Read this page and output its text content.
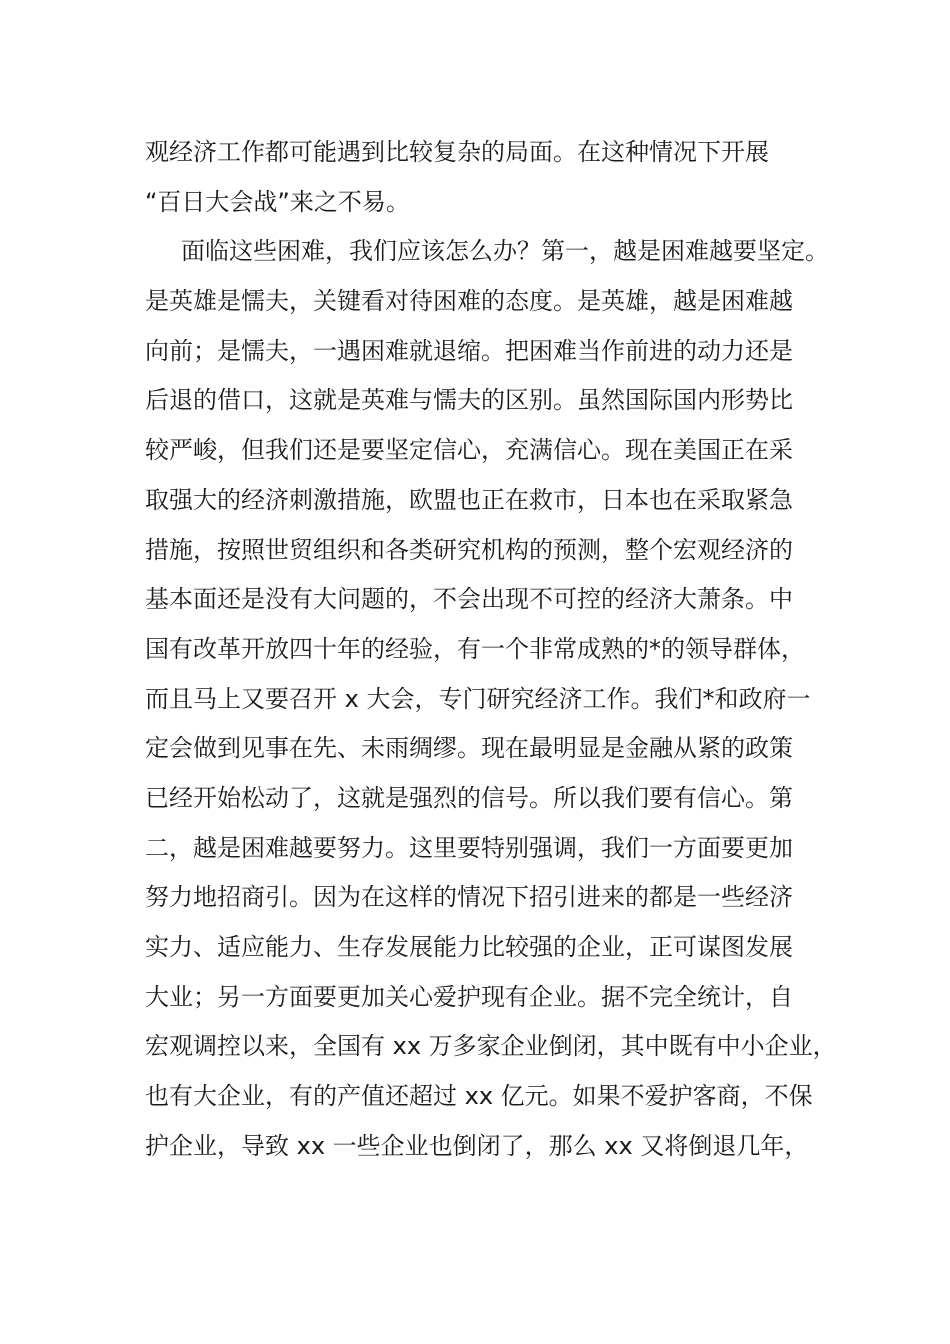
观经济工作都可能遇到比较复杂的局面。在这种情况下开展
“百日大会战”来之不易。
面临这些困难，我们应该怎么办？第一，越是困难越要坚定。
是英雄是懦夫，关键看对待困难的态度。是英雄，越是困难越
向前；是懦夫，一遇困难就退缩。把困难当作前进的动力还是
后退的借口，这就是英难与懦夫的区别。虽然国际国内形势比
较严峻，但我们还是要坚定信心，充满信心。现在美国正在采
取强大的经济刺激措施，欧盟也正在救市，日本也在采取紧急
措施，按照世贸组织和各类研究机构的预测，整个宏观经济的
基本面还是没有大问题的，不会出现不可控的经济大萧条。中
国有改革开放四十年的经验，有一个非常成熟的*的领导群体，
而且马上又要召开 x 大会，专门研究经济工作。我们*和政府一
定会做到见事在先、未雨绸缪。现在最明显是金融从紧的政策
已经开始松动了，这就是强烈的信号。所以我们要有信心。第
二，越是困难越要努力。这里要特别强调，我们一方面要更加
努力地招商引。因为在这样的情况下招引进来的都是一些经济
实力、适应能力、生存发展能力比较强的企业，正可谋图发展
大业；另一方面要更加关心爱护现有企业。据不完全统计，自
宏观调控以来，全国有 xx 万多家企业倒闭，其中既有中小企业，
也有大企业，有的产值还超过 xx 亿元。如果不爱护客商，不保
护企业，导致 xx 一些企业也倒闭了，那么 xx 又将倒退几年，
